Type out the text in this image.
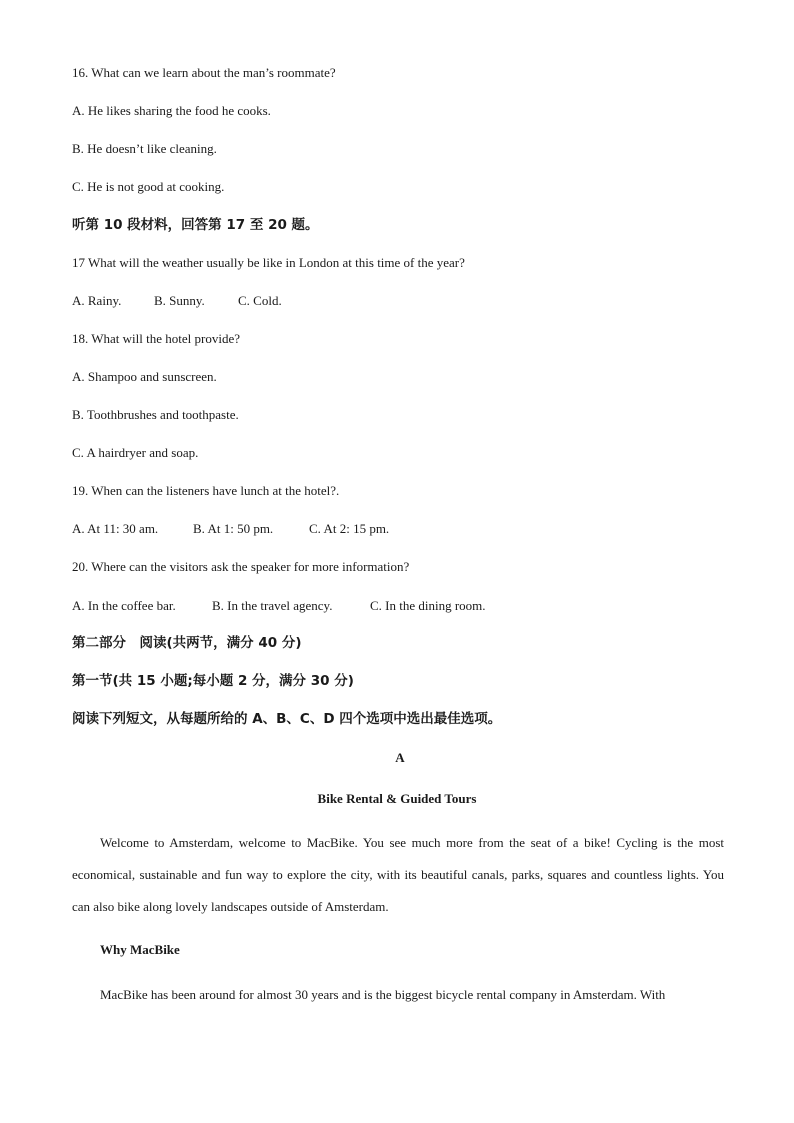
16. What can we learn about the man’s roommate?
A. He likes sharing the food he cooks.
B. He doesn’t like cleaning.
C. He is not good at cooking.
听第 10 段材料，回答第 17 至 20 题。
17 What will the weather usually be like in London at this time of the year?
A. Rainy.	B. Sunny.	C. Cold.
18. What will the hotel provide?
A. Shampoo and sunscreen.
B. Toothbrushes and toothpaste.
C. A hairdryer and soap.
19. When can the listeners have lunch at the hotel?.
A. At 11: 30 am.	B. At 1: 50 pm.	C. At 2: 15 pm.
20. Where can the visitors ask the speaker for more information?
A. In the coffee bar.	B. In the travel agency.	C. In the dining room.
第二部分　阅读(共两节，满分 40 分)
第一节(共 15 小题;每小题 2 分，满分 30 分)
阅读下列短文，从每题所给的 A、B、C、D 四个选项中选出最佳选项。
A
Bike Rental & Guided Tours
Welcome to Amsterdam, welcome to MacBike. You see much more from the seat of a bike! Cycling is the most economical, sustainable and fun way to explore the city, with its beautiful canals, parks, squares and countless lights. You can also bike along lovely landscapes outside of Amsterdam.
Why MacBike
MacBike has been around for almost 30 years and is the biggest bicycle rental company in Amsterdam. With
